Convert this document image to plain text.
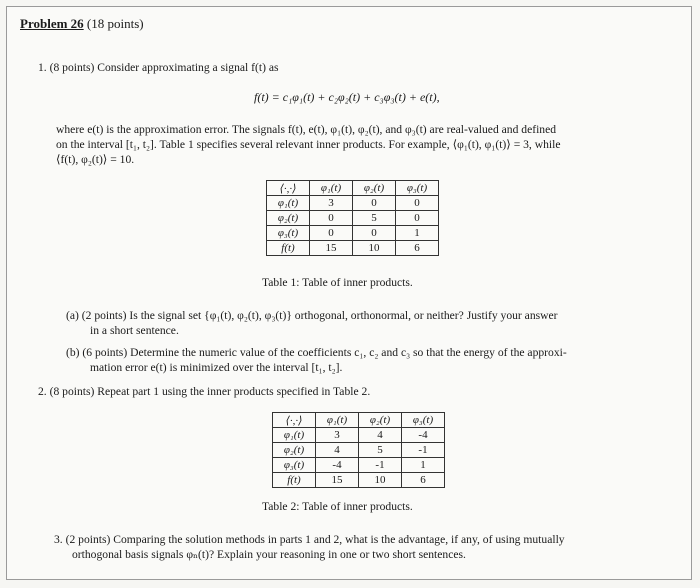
Problem 26 (18 points)
1. (8 points) Consider approximating a signal f(t) as
f(t) = c₁φ₁(t) + c₂φ₂(t) + c₃φ₃(t) + e(t),
where e(t) is the approximation error. The signals f(t), e(t), φ₁(t), φ₂(t), and φ₃(t) are real-valued and defined
on the interval [t₁, t₂]. Table 1 specifies several relevant inner products. For example, ⟨φ₁(t), φ₁(t)⟩ = 3, while
⟨f(t), φ₂(t)⟩ = 10.
⟨·,·⟩	φ₁(t)	φ₂(t)	φ₃(t)
φ₁(t)	3	0	0
φ₂(t)	0	5	0
φ₃(t)	0	0	1
f(t)	15	10	6
Table 1: Table of inner products.
(a) (2 points) Is the signal set {φ₁(t), φ₂(t), φ₃(t)} orthogonal, orthonormal, or neither? Justify your answer
in a short sentence.
(b) (6 points) Determine the numeric value of the coefficients c₁, c₂ and c₃ so that the energy of the approxi-
mation error e(t) is minimized over the interval [t₁, t₂].
2. (8 points) Repeat part 1 using the inner products specified in Table 2.
⟨·,·⟩	φ₁(t)	φ₂(t)	φ₃(t)
φ₁(t)	3	4	-4
φ₂(t)	4	5	-1
φ₃(t)	-4	-1	1
f(t)	15	10	6
Table 2: Table of inner products.
3. (2 points) Comparing the solution methods in parts 1 and 2, what is the advantage, if any, of using mutually
orthogonal basis signals φₙ(t)? Explain your reasoning in one or two short sentences.
